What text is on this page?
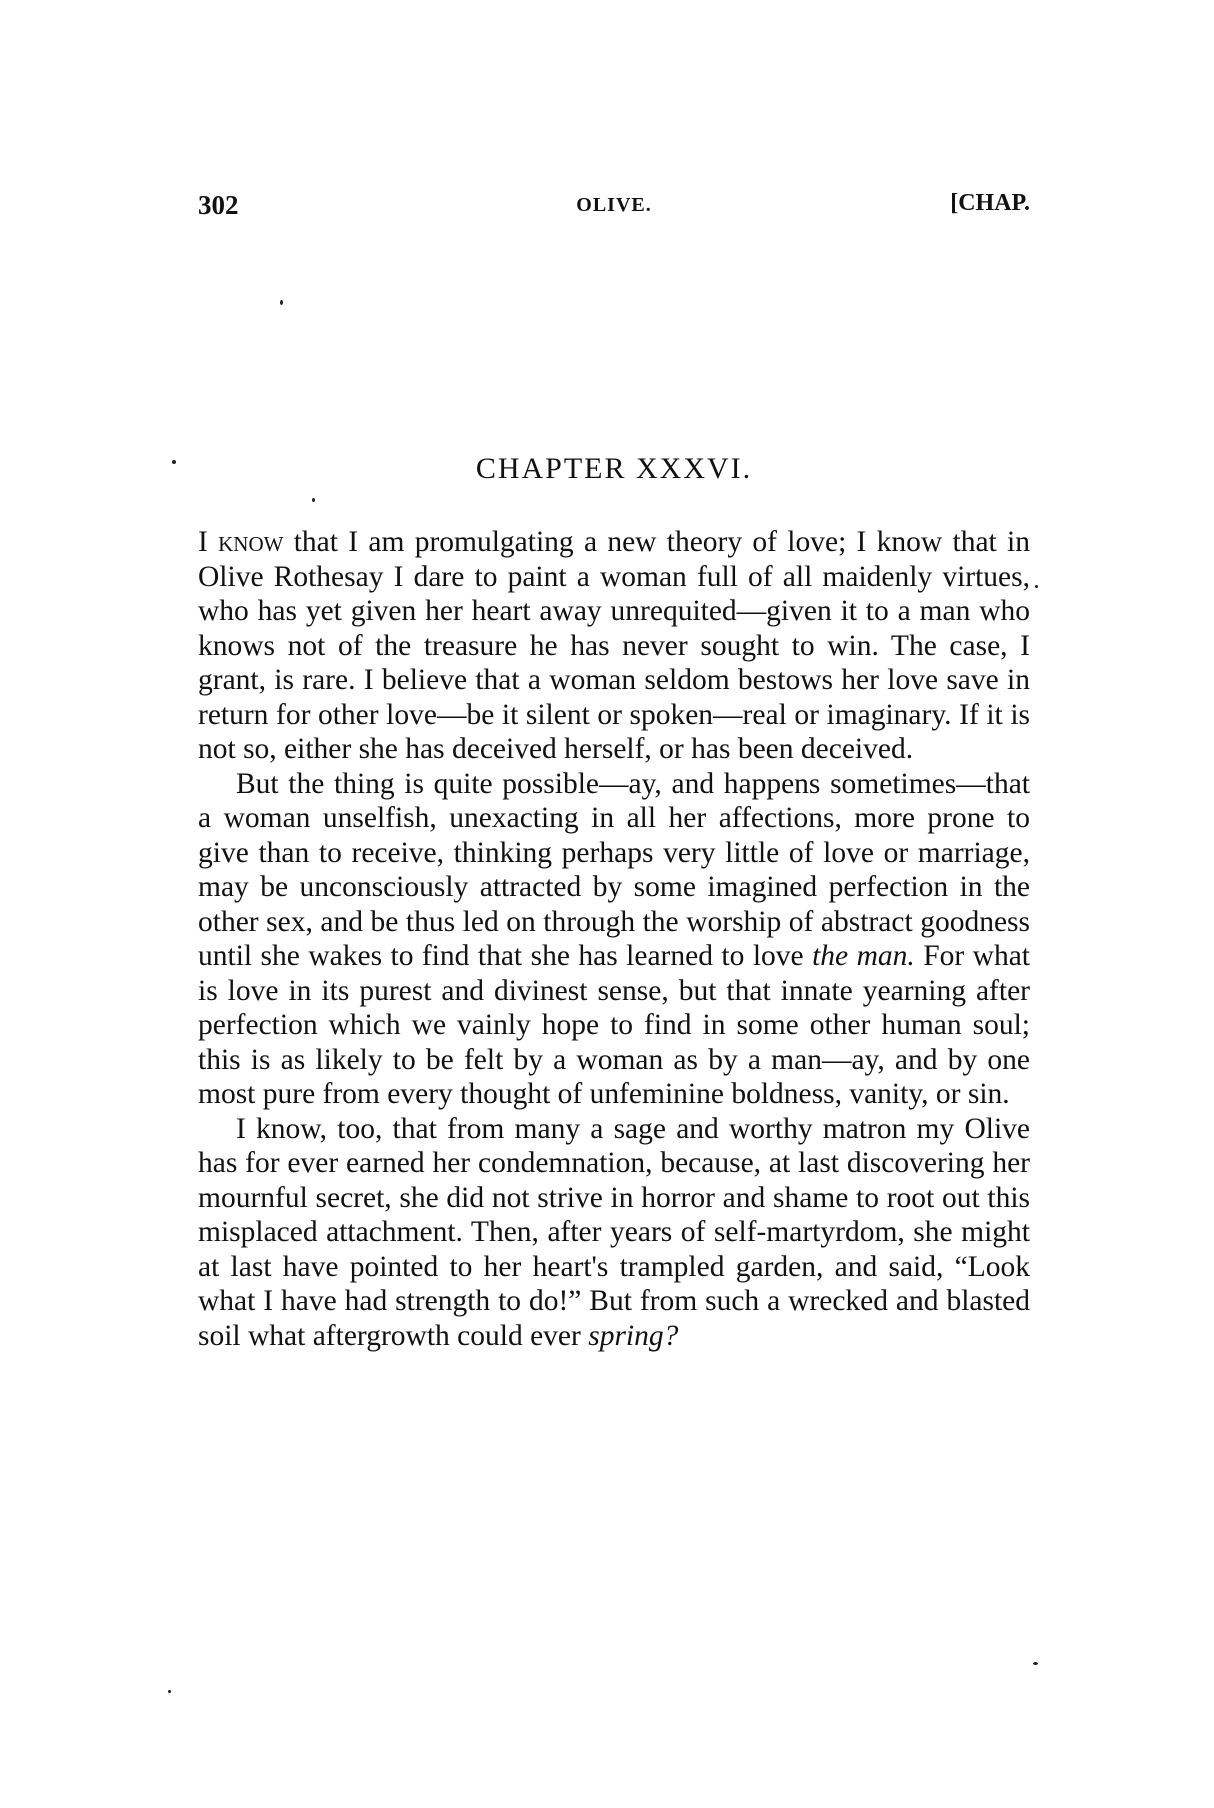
302	OLIVE.	[CHAP.
CHAPTER XXXVI.

I know that I am promulgating a new theory of love; I know that in Olive Rothesay I dare to paint a woman full of all maidenly virtues, who has yet given her heart away unrequited—given it to a man who knows not of the treasure he has never sought to win. The case, I grant, is rare. I believe that a woman seldom bestows her love save in return for other love—be it silent or spoken—real or imaginary. If it is not so, either she has deceived herself, or has been deceived.

But the thing is quite possible—ay, and happens sometimes—that a woman unselfish, unexacting in all her affections, more prone to give than to receive, thinking perhaps very little of love or marriage, may be unconsciously attracted by some imagined perfection in the other sex, and be thus led on through the worship of abstract goodness until she wakes to find that she has learned to love the man. For what is love in its purest and divinest sense, but that innate yearning after perfection which we vainly hope to find in some other human soul; this is as likely to be felt by a woman as by a man—ay, and by one most pure from every thought of unfeminine boldness, vanity, or sin.

I know, too, that from many a sage and worthy matron my Olive has for ever earned her condemnation, because, at last discovering her mournful secret, she did not strive in horror and shame to root out this misplaced attachment. Then, after years of self-martyrdom, she might at last have pointed to her heart's trampled garden, and said, “Look what I have had strength to do!” But from such a wrecked and blasted soil what aftergrowth could ever spring?
